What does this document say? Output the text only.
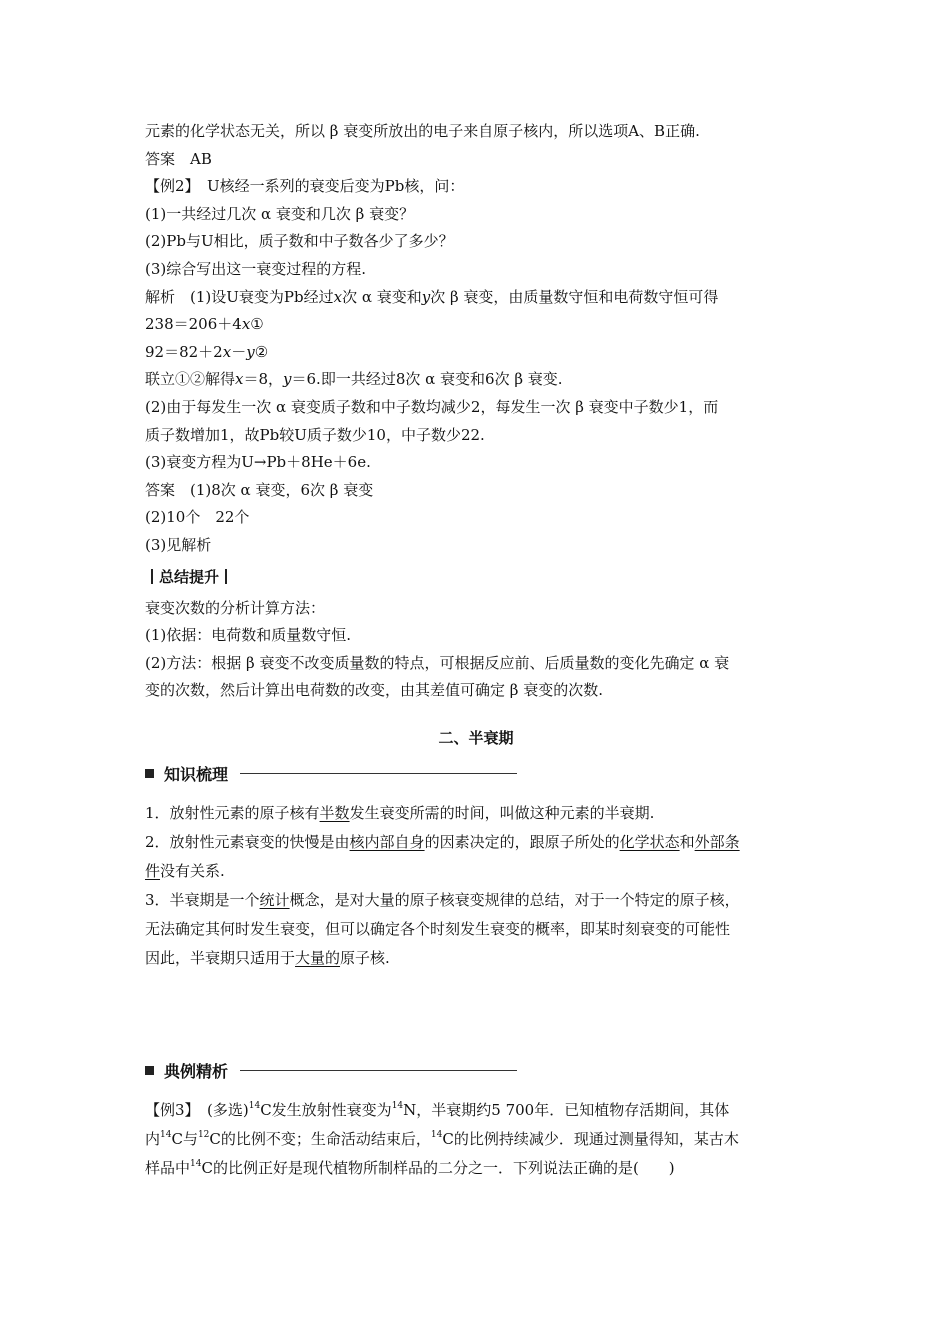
元素的化学状态无关，所以 β 衰变所放出的电子来自原子核内，所以选项A、B正确.
答案　AB
【例2】　U核经一系列的衰变后变为Pb核，问：
(1)一共经过几次 α 衰变和几次 β 衰变？
(2)Pb与U相比，质子数和中子数各少了多少？
(3)综合写出这一衰变过程的方程.
解析　(1)设U衰变为Pb经过x次 α 衰变和y次 β 衰变，由质量数守恒和电荷数守恒可得
238＝206＋4x①
92＝82＋2x－y②
联立①②解得x＝8，y＝6.即一共经过8次 α 衰变和6次 β 衰变.
(2)由于每发生一次 α 衰变质子数和中子数均减少2，每发生一次 β 衰变中子数少1，而
质子数增加1，故Pb较U质子数少10，中子数少22.
(3)衰变方程为U→Pb＋8He＋6e.
答案　(1)8次 α 衰变，6次 β 衰变
(2)10个　22个
(3)见解析
总结提升
衰变次数的分析计算方法：
(1)依据：电荷数和质量数守恒.
(2)方法：根据 β 衰变不改变质量数的特点，可根据反应前、后质量数的变化先确定 α 衰
变的次数，然后计算出电荷数的改变，由其差值可确定 β 衰变的次数.
二、半衰期
知识梳理
1．放射性元素的原子核有半数发生衰变所需的时间，叫做这种元素的半衰期.
2．放射性元素衰变的快慢是由核内部自身的因素决定的，跟原子所处的化学状态和外部条
件没有关系.
3．半衰期是一个统计概念，是对大量的原子核衰变规律的总结，对于一个特定的原子核，
无法确定其何时发生衰变，但可以确定各个时刻发生衰变的概率，即某时刻衰变的可能性
因此，半衰期只适用于大量的原子核.
典例精析
【例3】　(多选)$^{14}$C发生放射性衰变为$^{14}$N，半衰期约5 700年．已知植物存活期间，其体
内$^{14}$C与$^{12}$C的比例不变；生命活动结束后，$^{14}$C的比例持续减少．现通过测量得知，某古木
样品中$^{14}$C的比例正好是现代植物所制样品的二分之一．下列说法正确的是(　　)
